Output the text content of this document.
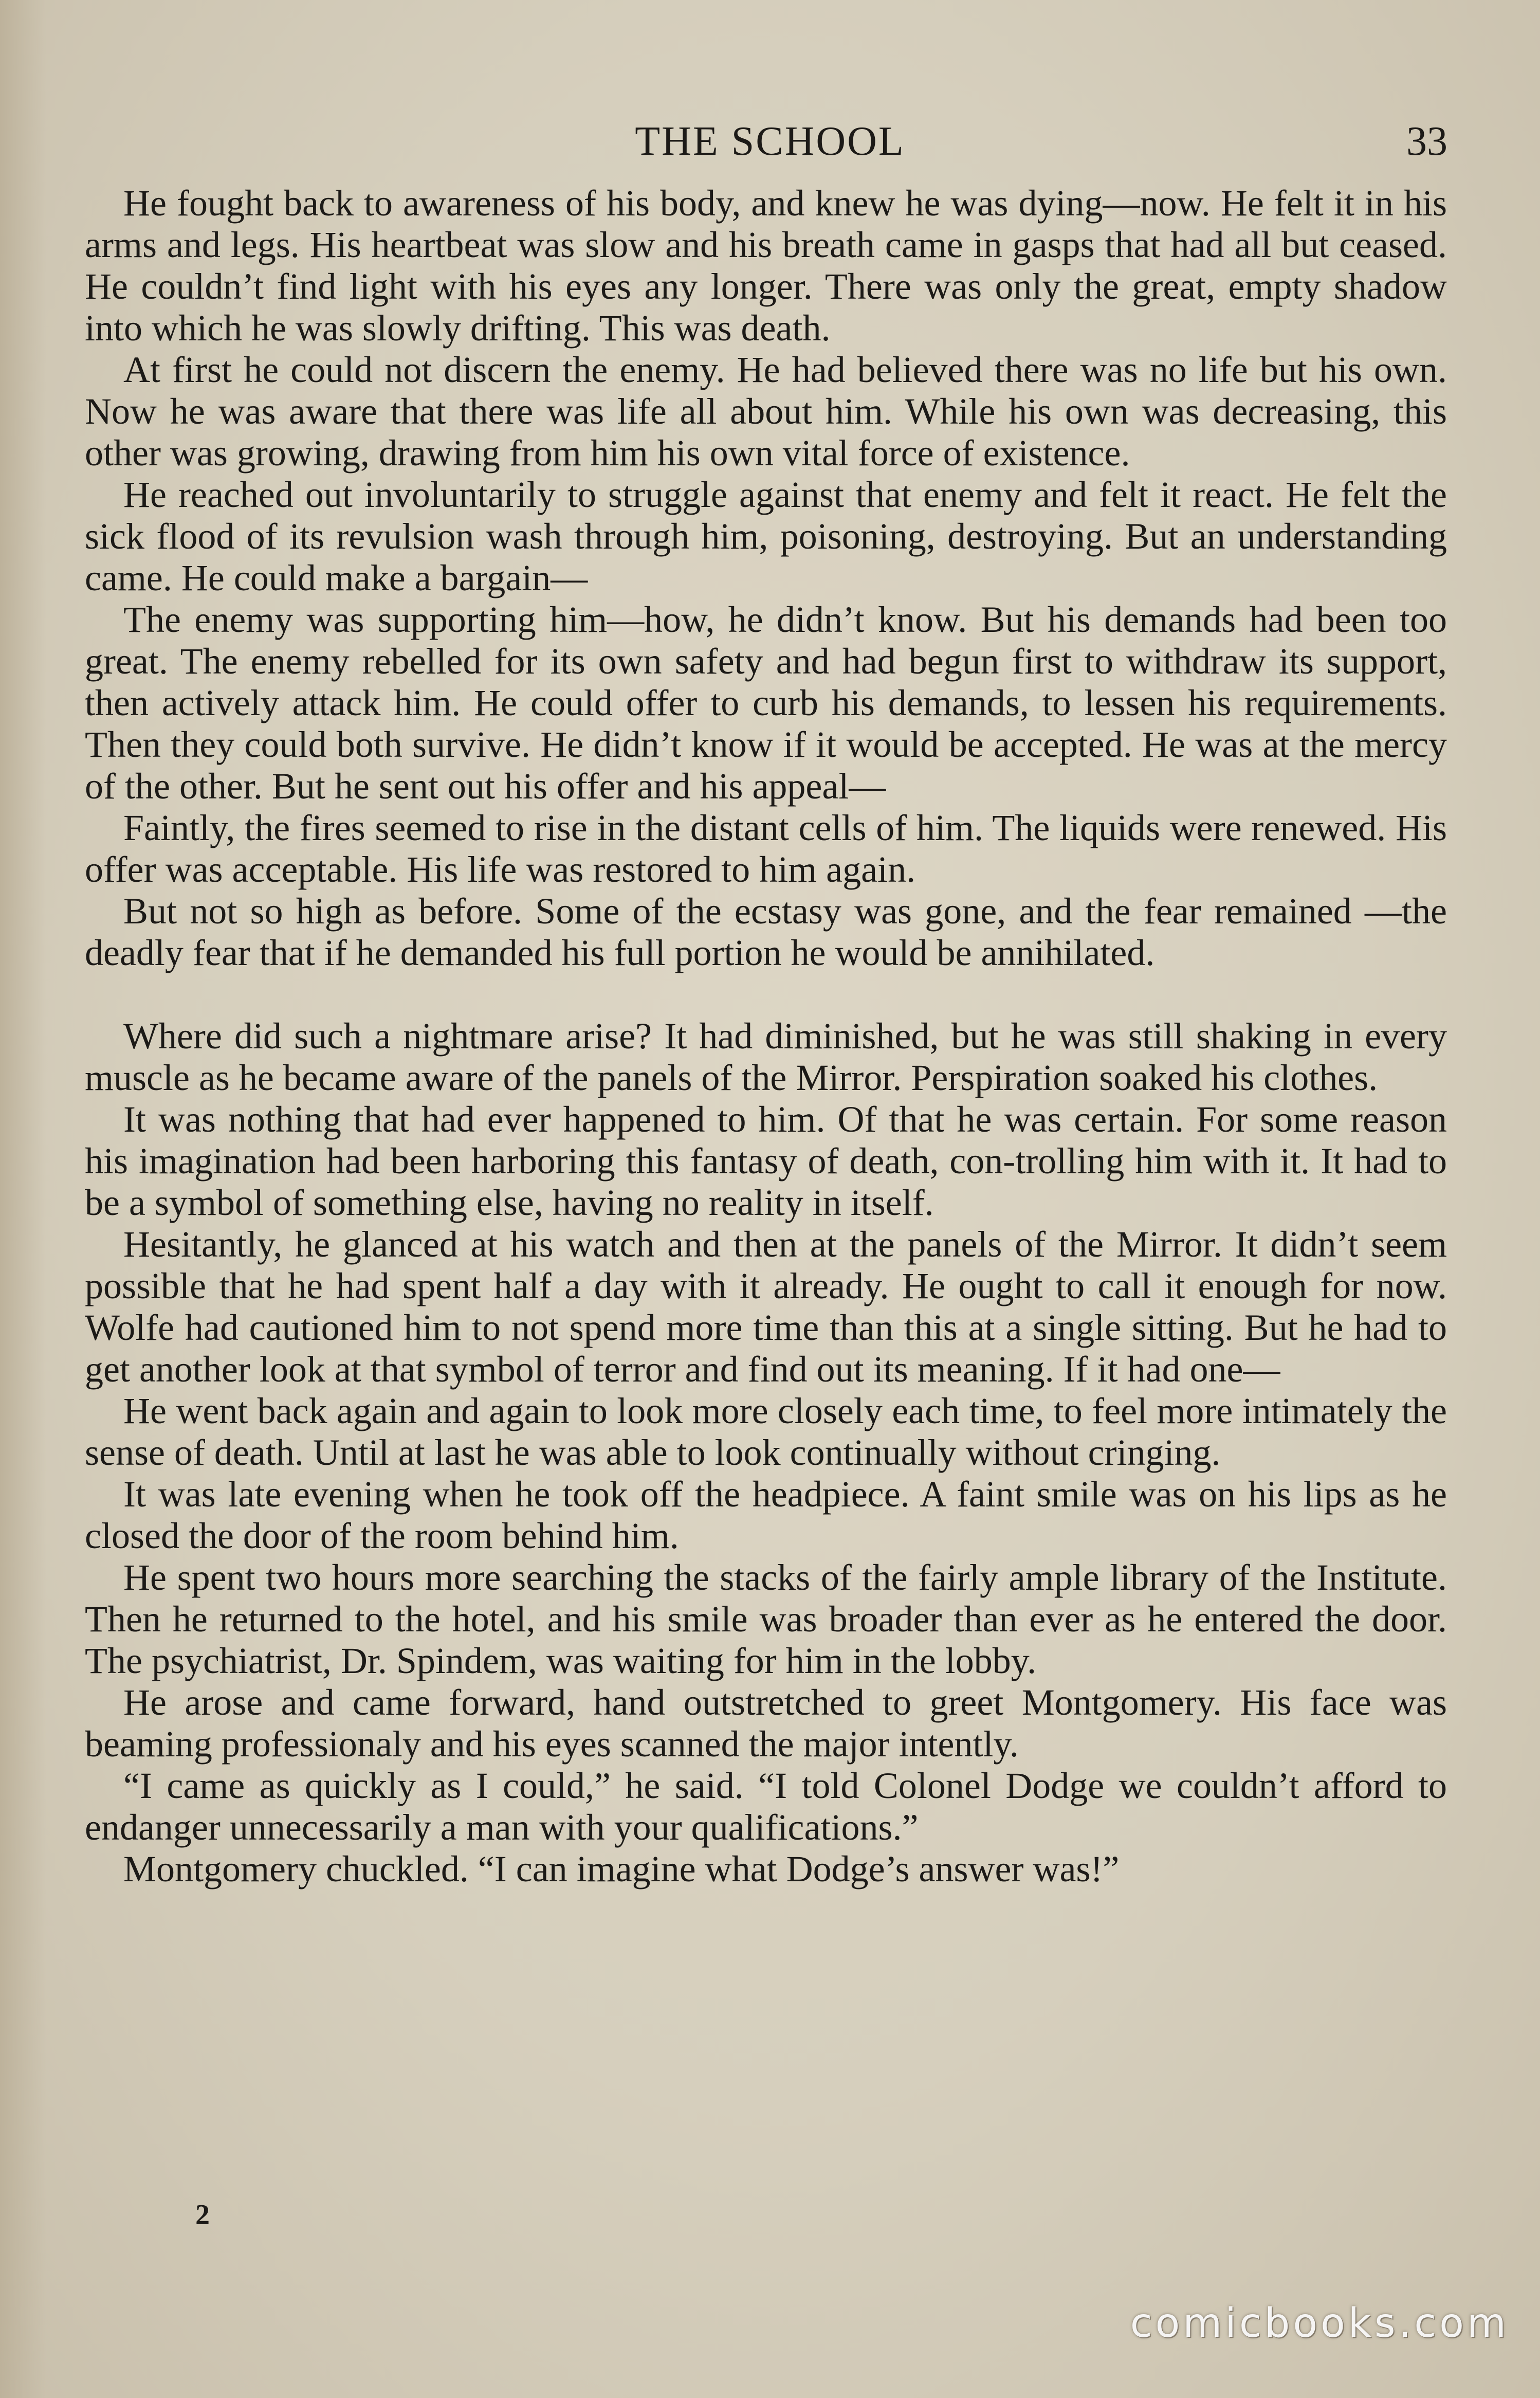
THE SCHOOL	33

He fought back to awareness of his body, and knew he was dying—now. He felt it in his arms and legs. His heartbeat was slow and his breath came in gasps that had all but ceased. He couldn’t find light with his eyes any longer. There was only the great, empty shadow into which he was slowly drifting. This was death.

At first he could not discern the enemy. He had believed there was no life but his own. Now he was aware that there was life all about him. While his own was decreasing, this other was growing, drawing from him his own vital force of existence.

He reached out involuntarily to struggle against that enemy and felt it react. He felt the sick flood of its revulsion wash through him, poisoning, destroying. But an understanding came. He could make a bargain—

The enemy was supporting him—how, he didn’t know. But his demands had been too great. The enemy rebelled for its own safety and had begun first to withdraw its support, then actively attack him. He could offer to curb his demands, to lessen his requirements. Then they could both survive. He didn’t know if it would be accepted. He was at the mercy of the other. But he sent out his offer and his appeal—

Faintly, the fires seemed to rise in the distant cells of him. The liquids were renewed. His offer was acceptable. His life was restored to him again.

But not so high as before. Some of the ecstasy was gone, and the fear remained —the deadly fear that if he demanded his full portion he would be annihilated.

Where did such a nightmare arise? It had diminished, but he was still shaking in every muscle as he became aware of the panels of the Mirror. Perspiration soaked his clothes.

It was nothing that had ever happened to him. Of that he was certain. For some reason his imagination had been harboring this fantasy of death, con-trolling him with it. It had to be a symbol of something else, having no reality in itself.

Hesitantly, he glanced at his watch and then at the panels of the Mirror. It didn’t seem possible that he had spent half a day with it already. He ought to call it enough for now. Wolfe had cautioned him to not spend more time than this at a single sitting. But he had to get another look at that symbol of terror and find out its meaning. If it had one—

He went back again and again to look more closely each time, to feel more intimately the sense of death. Until at last he was able to look continually without cringing.

It was late evening when he took off the headpiece. A faint smile was on his lips as he closed the door of the room behind him.

He spent two hours more searching the stacks of the fairly ample library of the Institute. Then he returned to the hotel, and his smile was broader than ever as he entered the door. The psychiatrist, Dr. Spindem, was waiting for him in the lobby.

He arose and came forward, hand outstretched to greet Montgomery. His face was beaming professionaly and his eyes scanned the major intently.

“I came as quickly as I could,” he said. “I told Colonel Dodge we couldn’t afford to endanger unnecessarily a man with your qualifications.”

Montgomery chuckled. “I can imagine what Dodge’s answer was!”

2
comicbooks.com
